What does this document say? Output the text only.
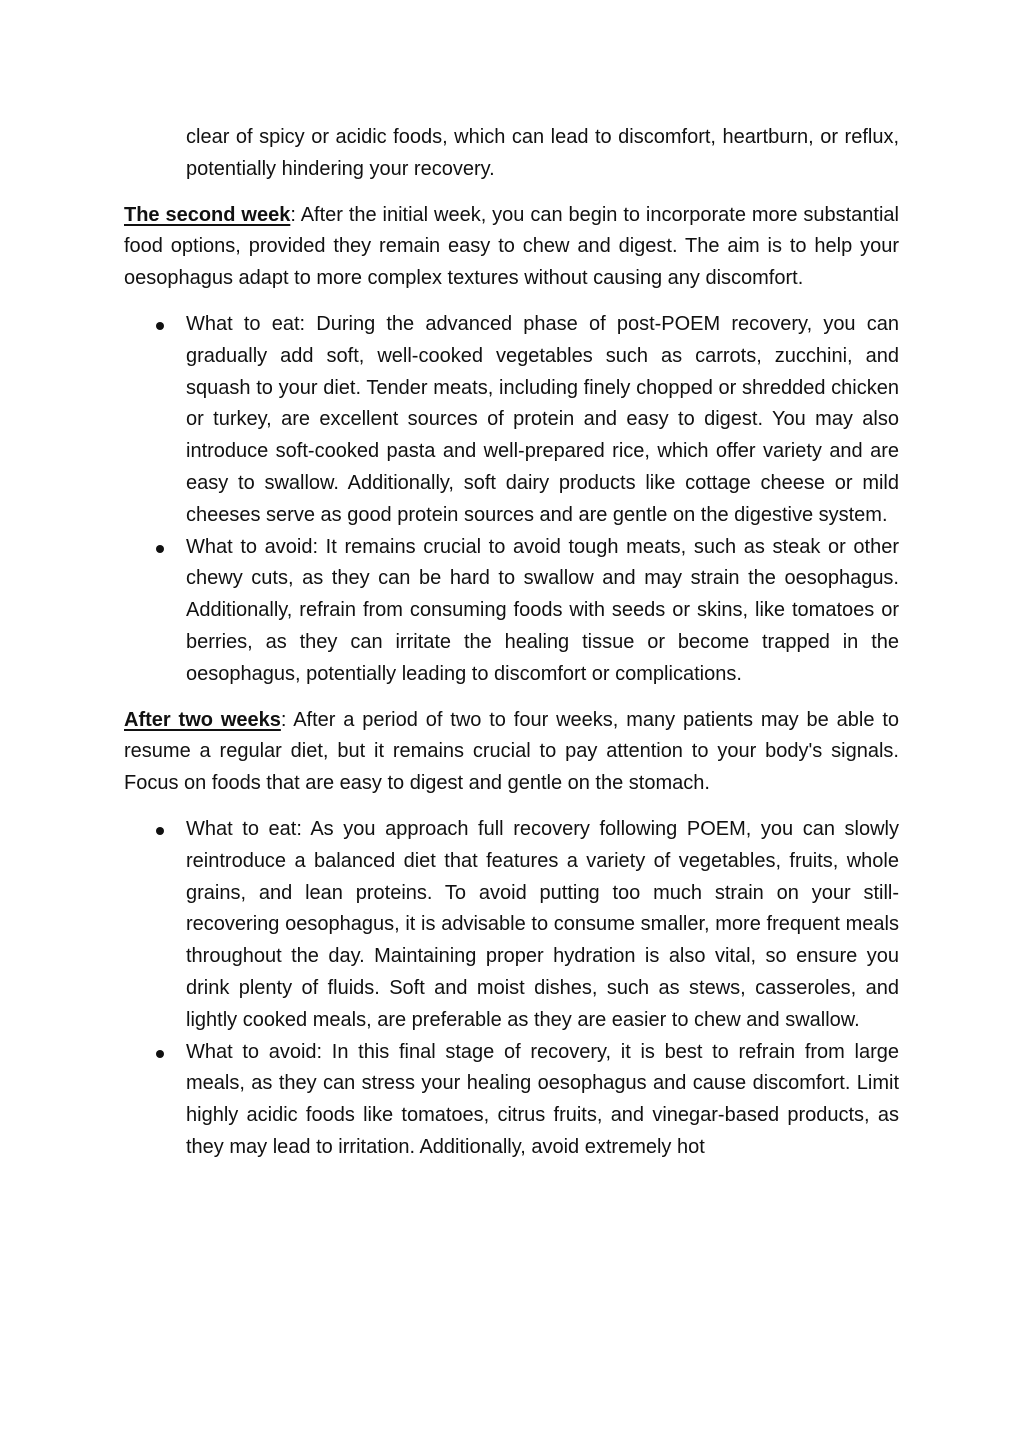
clear of spicy or acidic foods, which can lead to discomfort, heartburn, or reflux, potentially hindering your recovery.

The second week: After the initial week, you can begin to incorporate more substantial food options, provided they remain easy to chew and digest. The aim is to help your oesophagus adapt to more complex textures without causing any discomfort.

What to eat: During the advanced phase of post-POEM recovery, you can gradually add soft, well-cooked vegetables such as carrots, zucchini, and squash to your diet. Tender meats, including finely chopped or shredded chicken or turkey, are excellent sources of protein and easy to digest. You may also introduce soft-cooked pasta and well-prepared rice, which offer variety and are easy to swallow. Additionally, soft dairy products like cottage cheese or mild cheeses serve as good protein sources and are gentle on the digestive system.
What to avoid: It remains crucial to avoid tough meats, such as steak or other chewy cuts, as they can be hard to swallow and may strain the oesophagus. Additionally, refrain from consuming foods with seeds or skins, like tomatoes or berries, as they can irritate the healing tissue or become trapped in the oesophagus, potentially leading to discomfort or complications.

After two weeks: After a period of two to four weeks, many patients may be able to resume a regular diet, but it remains crucial to pay attention to your body's signals. Focus on foods that are easy to digest and gentle on the stomach.

What to eat: As you approach full recovery following POEM, you can slowly reintroduce a balanced diet that features a variety of vegetables, fruits, whole grains, and lean proteins. To avoid putting too much strain on your still-recovering oesophagus, it is advisable to consume smaller, more frequent meals throughout the day. Maintaining proper hydration is also vital, so ensure you drink plenty of fluids. Soft and moist dishes, such as stews, casseroles, and lightly cooked meals, are preferable as they are easier to chew and swallow.
What to avoid: In this final stage of recovery, it is best to refrain from large meals, as they can stress your healing oesophagus and cause discomfort. Limit highly acidic foods like tomatoes, citrus fruits, and vinegar-based products, as they may lead to irritation. Additionally, avoid extremely hot
